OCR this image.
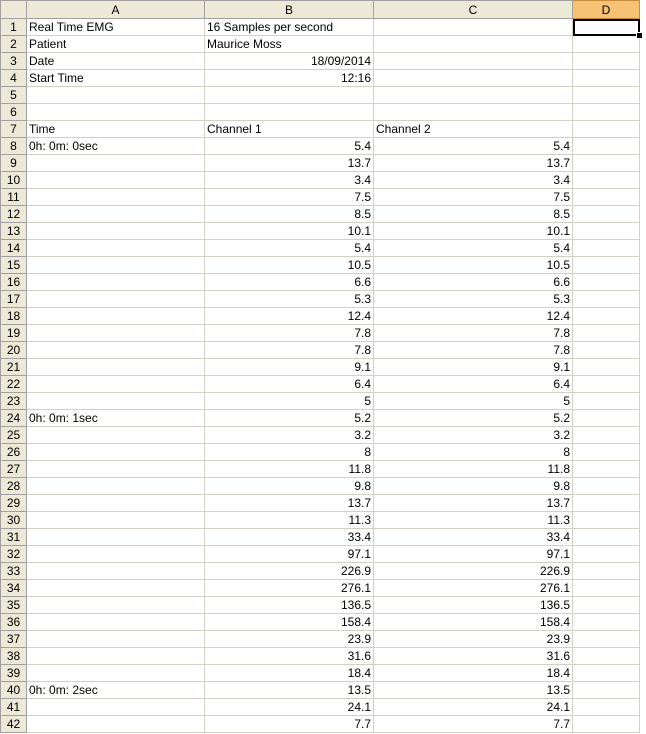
	A	B	C	D
1	Real Time EMG	16 Samples per second		
2	Patient	Maurice Moss		
3	Date	18/09/2014		
4	Start Time	12:16		
5				
6				
7	Time	Channel 1	Channel 2	
8	0h: 0m: 0sec	5.4	5.4	
9		13.7	13.7	
10		3.4	3.4	
11		7.5	7.5	
12		8.5	8.5	
13		10.1	10.1	
14		5.4	5.4	
15		10.5	10.5	
16		6.6	6.6	
17		5.3	5.3	
18		12.4	12.4	
19		7.8	7.8	
20		7.8	7.8	
21		9.1	9.1	
22		6.4	6.4	
23		5	5	
24	0h: 0m: 1sec	5.2	5.2	
25		3.2	3.2	
26		8	8	
27		11.8	11.8	
28		9.8	9.8	
29		13.7	13.7	
30		11.3	11.3	
31		33.4	33.4	
32		97.1	97.1	
33		226.9	226.9	
34		276.1	276.1	
35		136.5	136.5	
36		158.4	158.4	
37		23.9	23.9	
38		31.6	31.6	
39		18.4	18.4	
40	0h: 0m: 2sec	13.5	13.5	
41		24.1	24.1	
42		7.7	7.7	
